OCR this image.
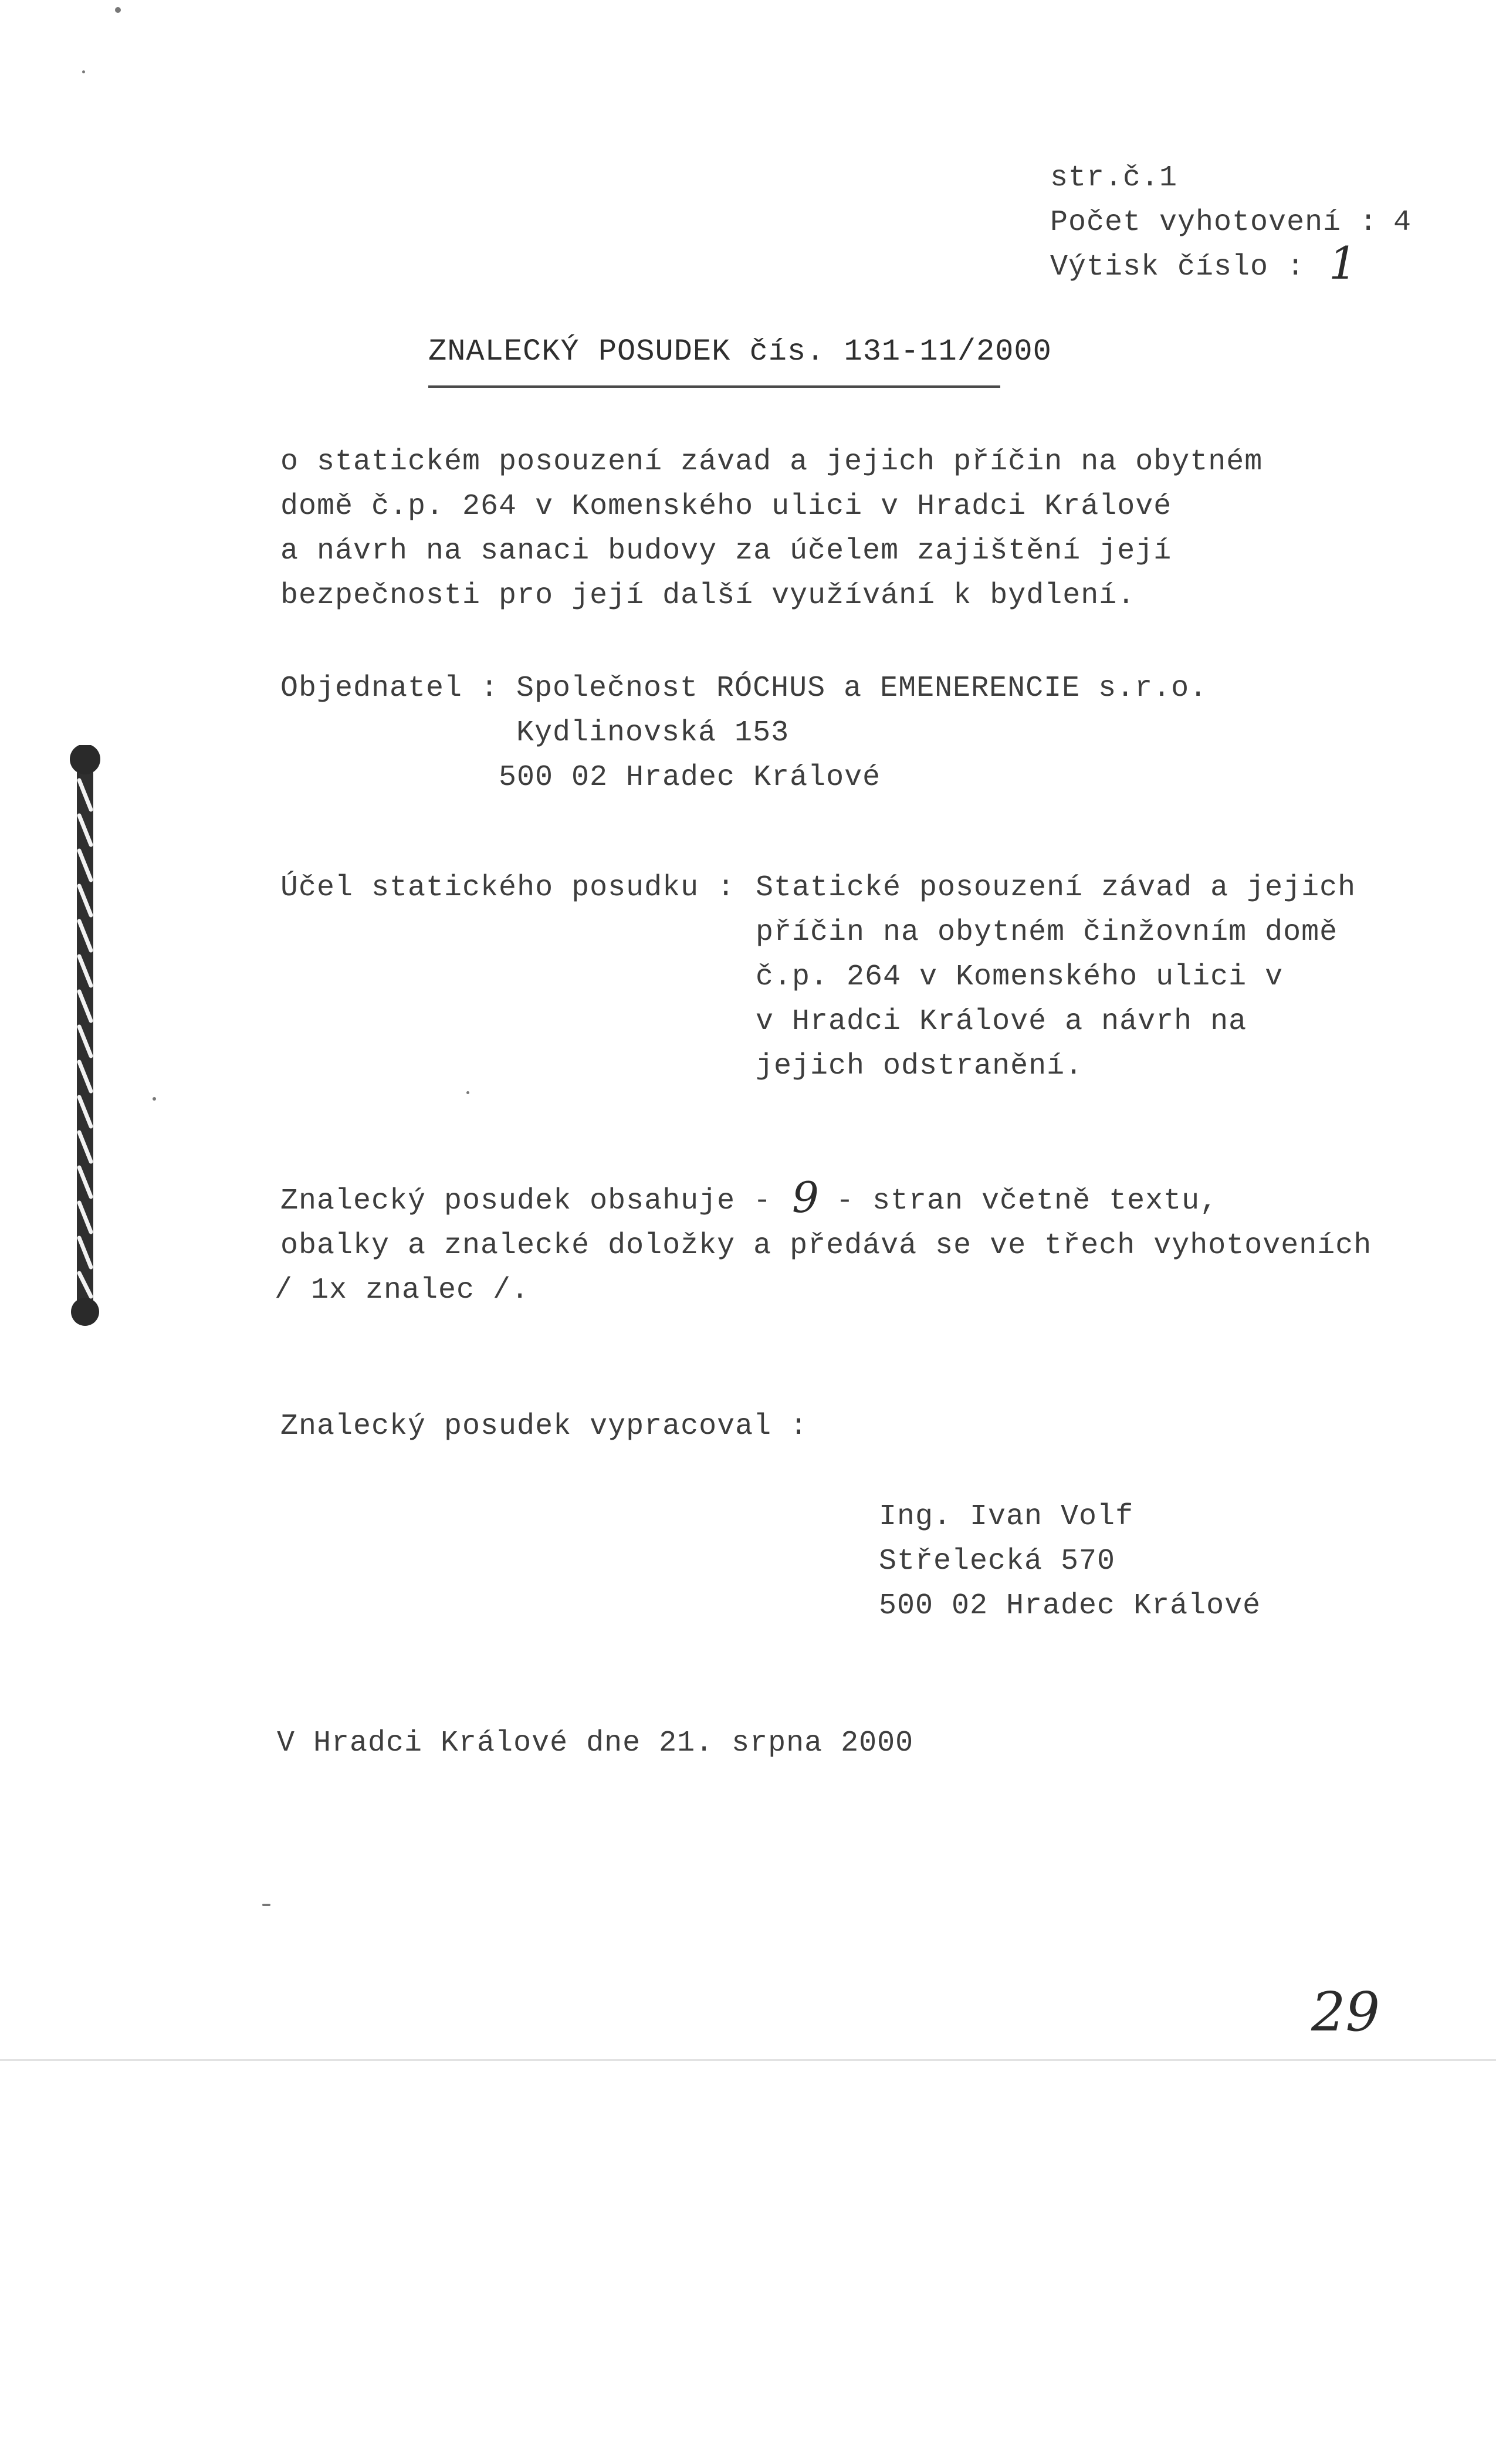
str.č.1
Počet vyhotovení : 4
Výtisk číslo : 1
ZNALECKÝ POSUDEK čís. 131-11/2000
o statickém posouzení závad a jejich příčin na obytném
domě č.p. 264 v Komenského ulici v Hradci Králové
a návrh na sanaci budovy za účelem zajištění její
bezpečnosti pro její další využívání k bydlení.
Objednatel : Společnost RÓCHUS a EMENERENCIE s.r.o.
Kydlinovská 153
500 02 Hradec Králové
Účel statického posudku : Statické posouzení závad a jejich
příčin na obytném činžovním domě
č.p. 264 v Komenského ulici v
v Hradci Králové a návrh na
jejich odstranění.
Znalecký posudek obsahuje - 9 - stran včetně textu,
obalky a znalecké doložky a předává se ve třech vyhotoveních
/ 1x znalec /.
Znalecký posudek vypracoval :
Ing. Ivan Volf
Střelecká 570
500 02 Hradec Králové
V Hradci Králové dne 21. srpna 2000
29
